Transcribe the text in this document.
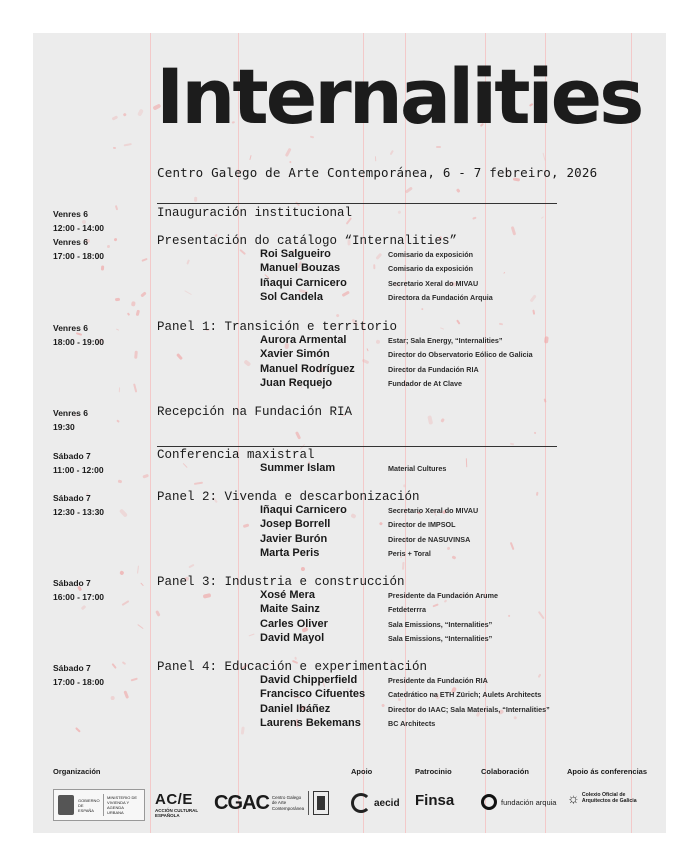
Internalities
Centro Galego de Arte Contemporánea, 6 - 7 febreiro, 2026
Venres 6
12:00 - 14:00
Inauguración institucional
Venres 6
17:00 - 18:00
Presentación do catálogo “Internalities”
Roi Salgueiro	Comisario da exposición
Manuel Bouzas	Comisario da exposición
Iñaqui Carnicero	Secretario Xeral do MIVAU
Sol Candela	Directora da Fundación Arquia
Venres 6
18:00 - 19:00
Panel 1: Transición e territorio
Aurora Armental	Estar; Sala Energy, “Internalities”
Xavier Simón	Director do Observatorio Eólico de Galicia
Manuel Rodríguez	Director da Fundación RIA
Juan Requejo	Fundador de At Clave
Venres 6
19:30
Recepción na Fundación RIA
Sábado 7
11:00 - 12:00
Conferencia maxistral
Summer Islam	Material Cultures
Sábado 7
12:30 - 13:30
Panel 2: Vivenda e descarbonización
Iñaqui Carnicero	Secretario Xeral do MIVAU
Josep Borrell	Director de IMPSOL
Javier Burón	Director de NASUVINSA
Marta Peris	Peris + Toral
Sábado 7
16:00 - 17:00
Panel 3: Industria e construcción
Xosé Mera	Presidente da Fundación Arume
Maite Sainz	Fetdeterrra
Carles Oliver	Sala Emissions, “Internalities”
David Mayol	Sala Emissions, “Internalities”
Sábado 7
17:00 - 18:00
Panel 4: Educación e experimentación
David Chipperfield	Presidente da Fundación RIA
Francisco Cifuentes	Catedrático na ETH Zürich; Aulets Architects
Daniel Ibáñez	Director do IAAC; Sala Materials, “Internalities”
Laurens Bekemans	BC Architects
Organización	Apoio	Patrocinio	Colaboración	Apoio ás conferencias
GOBIERNO DE ESPAÑA
MINISTERIO DE VIVIENDA Y AGENDA URBANA
AC/E
ACCIÓN CULTURAL
ESPAÑOLA
CGAC Centro Galego
de Arte
Contemporánea	aecid Finsa	fundación arquia ☼ Colexio Oficial de
Arquitectos de Galicia
